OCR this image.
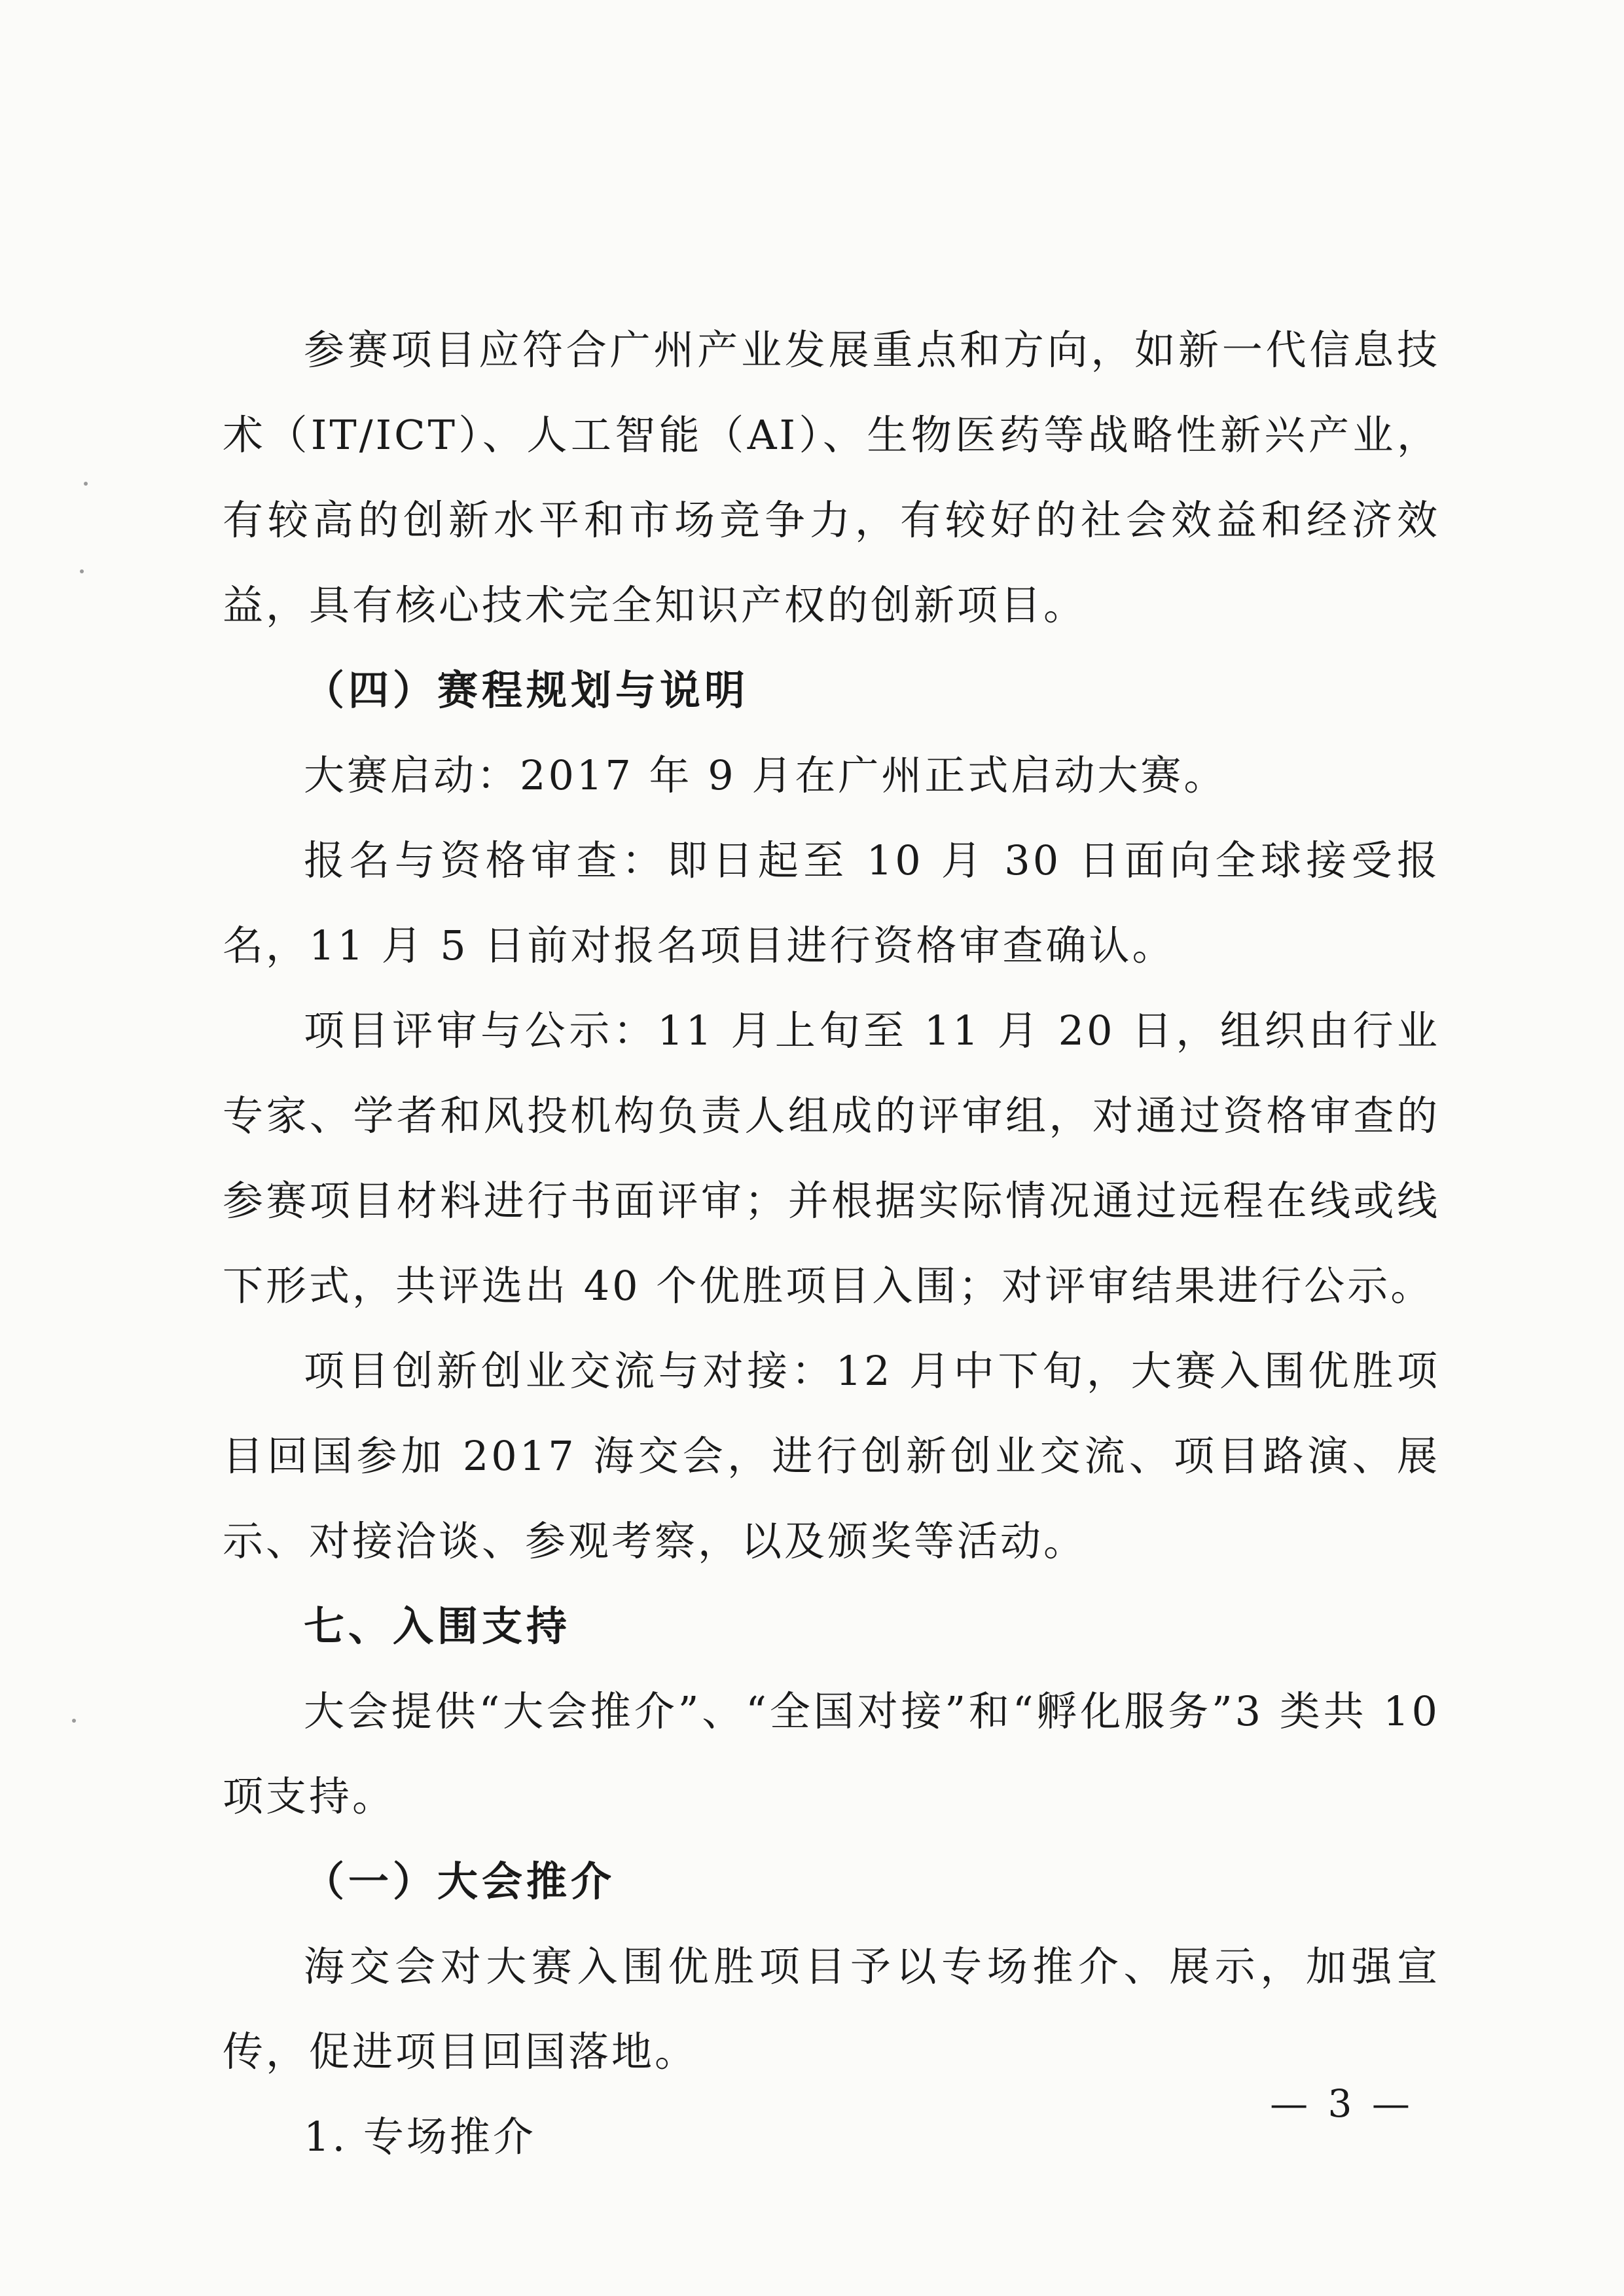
参赛项目应符合广州产业发展重点和方向，如新一代信息技术（IT/ICT）、人工智能（AI）、生物医药等战略性新兴产业，有较高的创新水平和市场竞争力，有较好的社会效益和经济效益，具有核心技术完全知识产权的创新项目。

（四）赛程规划与说明

大赛启动：2017 年 9 月在广州正式启动大赛。

报名与资格审查：即日起至 10 月 30 日面向全球接受报名，11 月 5 日前对报名项目进行资格审查确认。

项目评审与公示：11 月上旬至 11 月 20 日，组织由行业专家、学者和风投机构负责人组成的评审组，对通过资格审查的参赛项目材料进行书面评审；并根据实际情况通过远程在线或线下形式，共评选出 40 个优胜项目入围；对评审结果进行公示。

项目创新创业交流与对接：12 月中下旬，大赛入围优胜项目回国参加 2017 海交会，进行创新创业交流、项目路演、展示、对接洽谈、参观考察，以及颁奖等活动。

七、入围支持

大会提供“大会推介”、“全国对接”和“孵化服务”3 类共 10 项支持。

（一）大会推介

海交会对大赛入围优胜项目予以专场推介、展示，加强宣传，促进项目回国落地。

1. 专场推介

— 3 —
